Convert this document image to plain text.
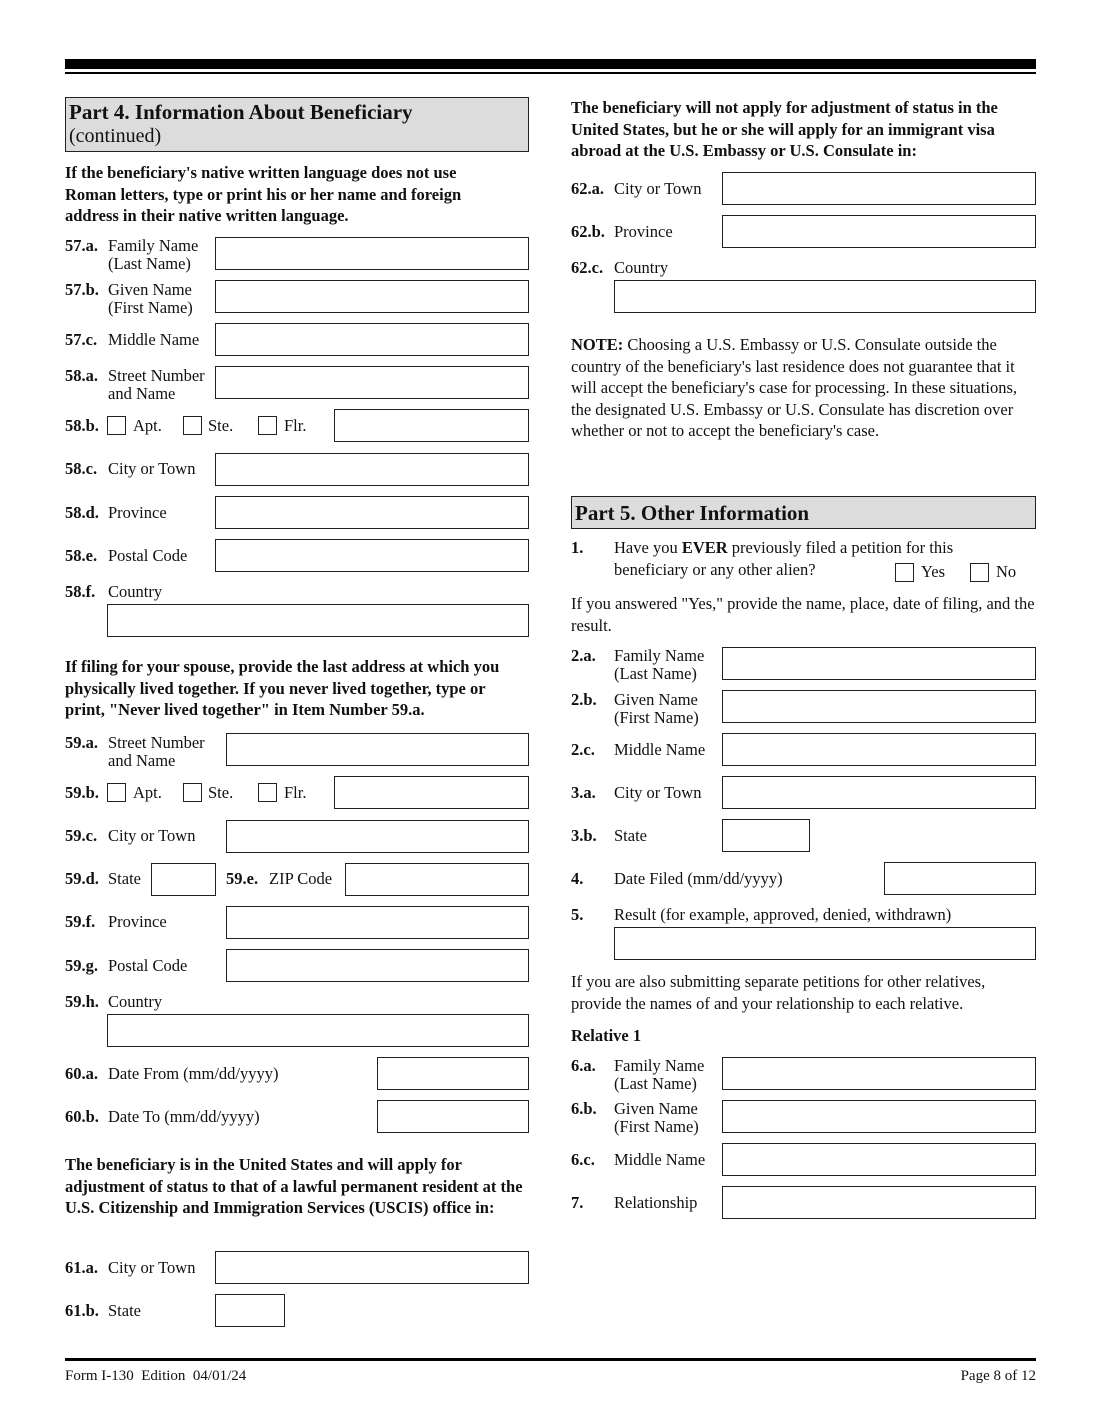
Part 4. Information About Beneficiary
(continued)
If the beneficiary's native written language does not use Roman letters, type or print his or her name and foreign address in their native written language.
57.a. Family Name
(Last Name)
57.b. Given Name
(First Name)
57.c. Middle Name
58.a. Street Number
and Name
58.b. Apt.	Ste.	Flr.
58.c. City or Town
58.d. Province
58.e. Postal Code
58.f. Country
If filing for your spouse, provide the last address at which you physically lived together. If you never lived together, type or print, "Never lived together" in Item Number 59.a.
59.a. Street Number
and Name
59.b. Apt.	Ste.	Flr.
59.c. City or Town
59.d. State	59.e. ZIP Code
59.f. Province
59.g. Postal Code
59.h. Country
60.a. Date From (mm/dd/yyyy)
60.b. Date To (mm/dd/yyyy)
The beneficiary is in the United States and will apply for adjustment of status to that of a lawful permanent resident at the U.S. Citizenship and Immigration Services (USCIS) office in:
61.a. City or Town
61.b. State
The beneficiary will not apply for adjustment of status in the United States, but he or she will apply for an immigrant visa abroad at the U.S. Embassy or U.S. Consulate in:
62.a. City or Town
62.b. Province
62.c. Country
NOTE: Choosing a U.S. Embassy or U.S. Consulate outside the country of the beneficiary's last residence does not guarantee that it will accept the beneficiary's case for processing. In these situations, the designated U.S. Embassy or U.S. Consulate has discretion over whether or not to accept the beneficiary's case.
Part 5. Other Information
1. Have you EVER previously filed a petition for this
beneficiary or any other alien?	Yes	No
If you answered "Yes," provide the name, place, date of filing, and the result.
2.a. Family Name
(Last Name)
2.b. Given Name
(First Name)
2.c. Middle Name
3.a. City or Town
3.b. State
4. Date Filed (mm/dd/yyyy)
5. Result (for example, approved, denied, withdrawn)
If you are also submitting separate petitions for other relatives, provide the names of and your relationship to each relative.
Relative 1
6.a. Family Name
(Last Name)
6.b. Given Name
(First Name)
6.c. Middle Name
7. Relationship
Form I-130  Edition  04/01/24	Page 8 of 12
